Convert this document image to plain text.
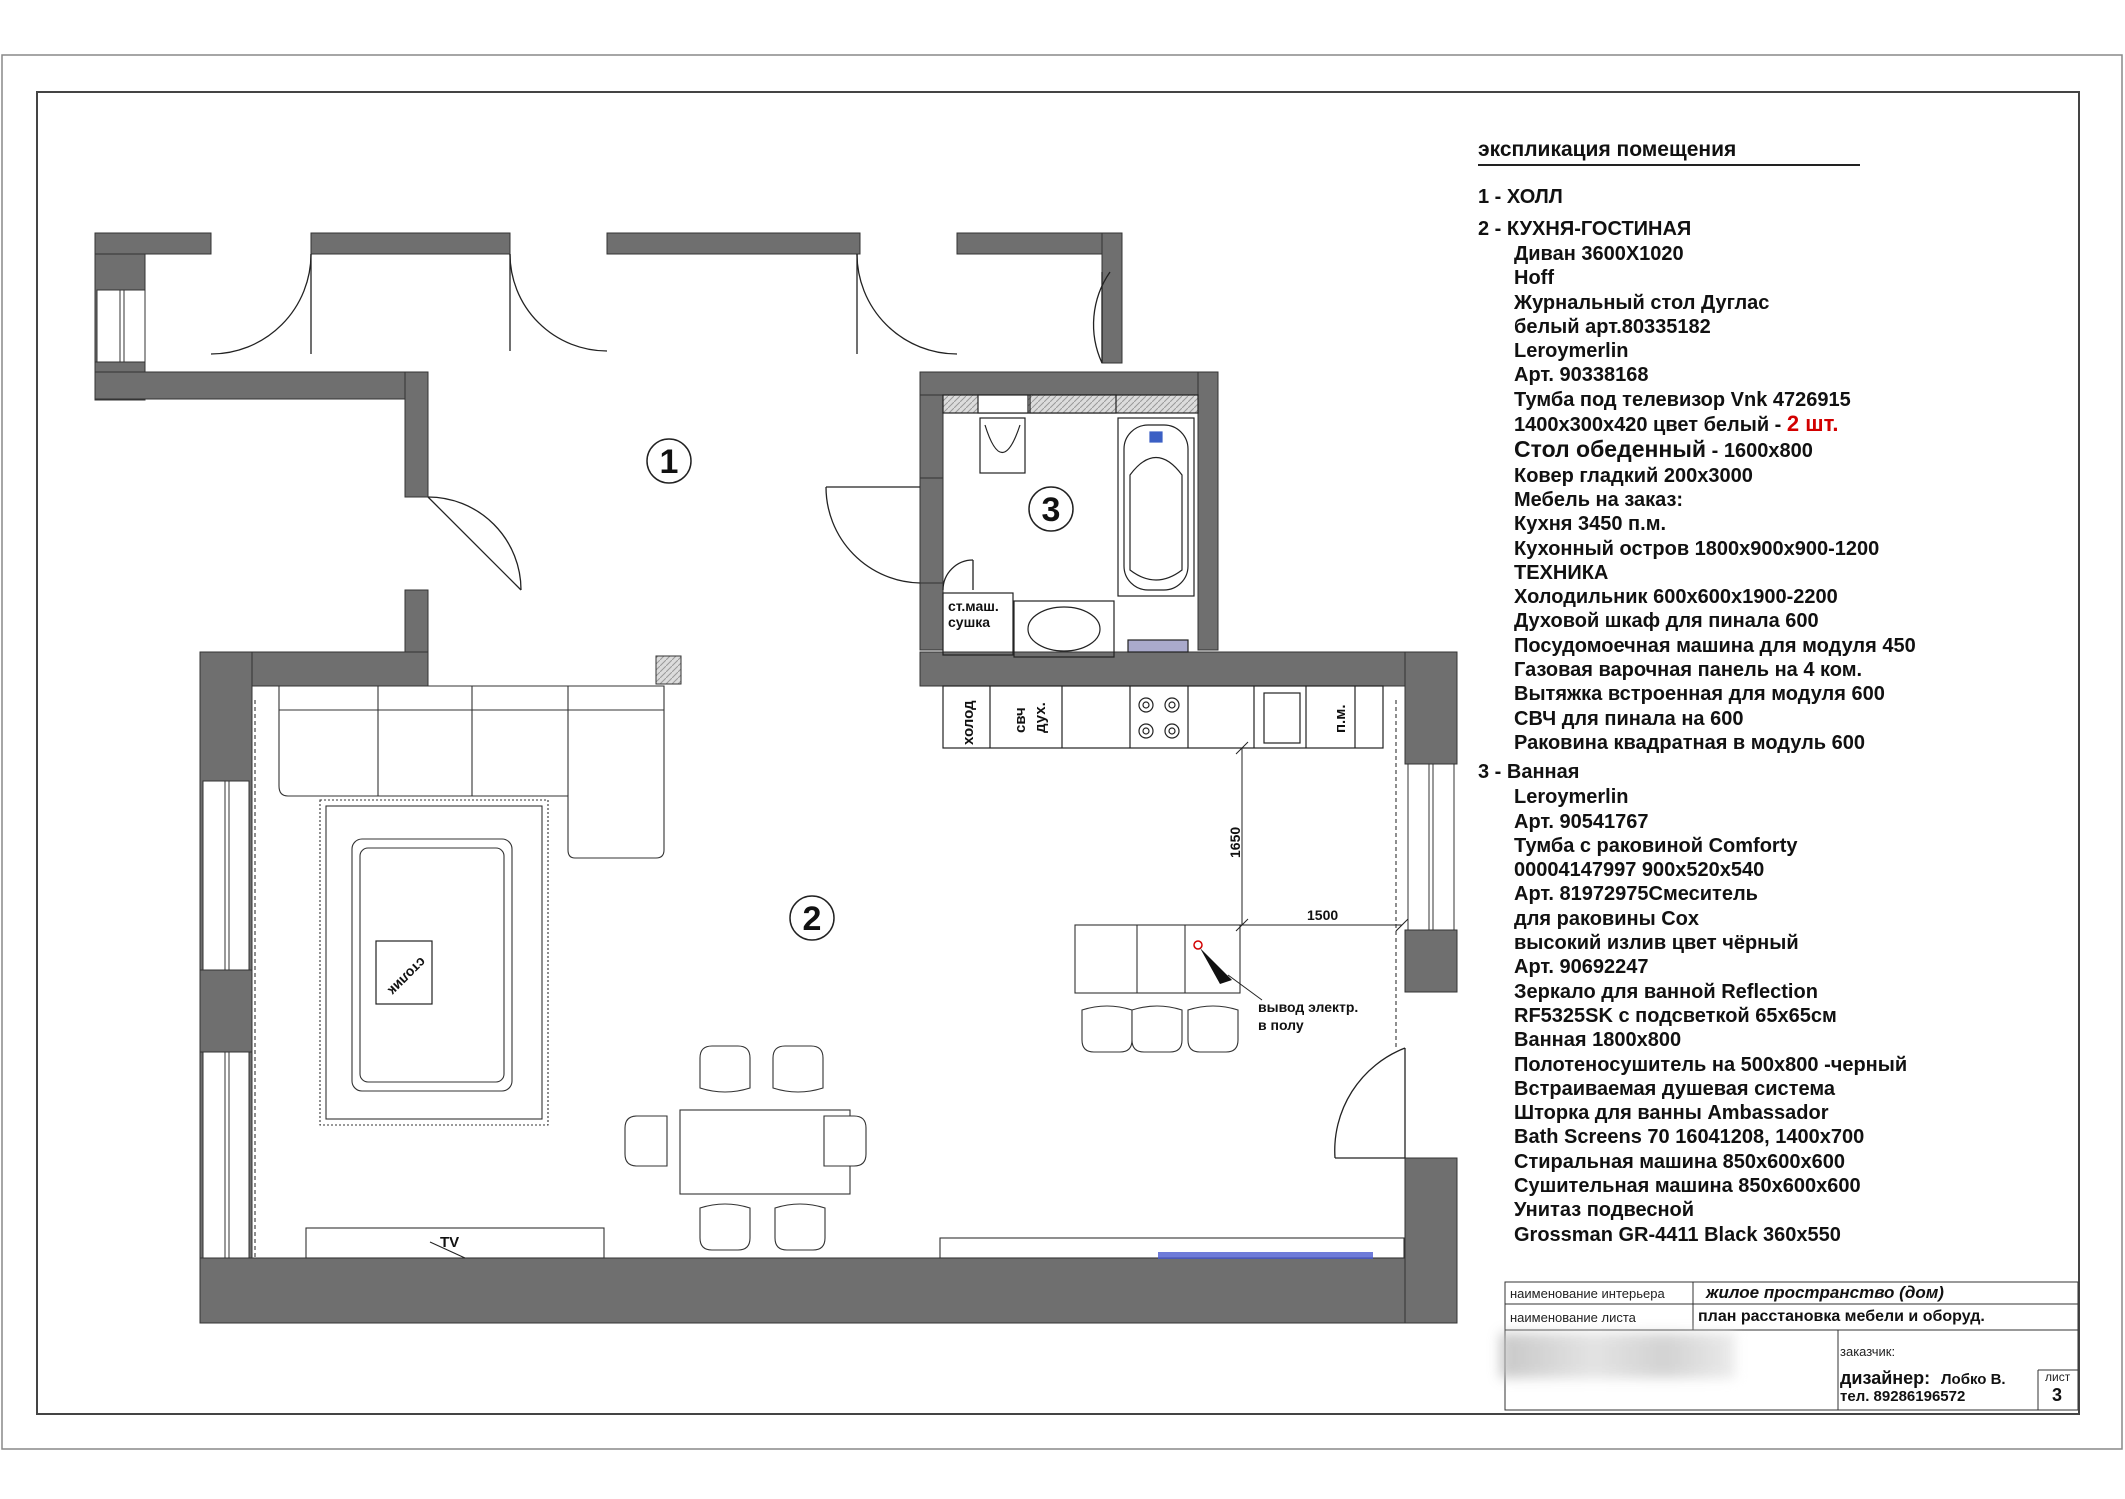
ст.маш.
сушка
холод свч дух.	п.м.
столик
TV
вывод электр.
в полу
1650
1500
1
2
3
экспликация помещения
1 - ХОЛЛ
2 - КУХНЯ-ГОСТИНАЯ
Диван 3600Х1020
Hoff
Журнальный стол Дуглас
белый арт.80335182
Leroymerlin
Арт. 90338168
Тумба под телевизор Vnk 4726915
1400х300х420 цвет белый - 2 шт.
Стол обеденный - 1600х800
Ковер гладкий 200х3000
Мебель на заказ:
Кухня 3450 п.м.
Кухонный остров 1800х900х900-1200
ТЕХНИКА
Холодильник 600х600х1900-2200
Духовой шкаф для пинала 600
Посудомоечная машина для модуля 450
Газовая варочная панель на 4 ком.
Вытяжка встроенная для модуля 600
СВЧ для пинала на 600
Раковина квадратная в модуль 600
3 - Ванная
Leroymerlin
Арт. 90541767
Тумба с раковиной Comforty
00004147997 900х520х540
Арт. 81972975Смеситель
для раковины Cox
высокий излив цвет чёрный
Арт. 90692247
Зеркало для ванной Reflection
RF5325SK с подсветкой 65х65см
Ванная 1800х800
Полотеносушитель на 500х800 -черный
Встраиваемая душевая система
Шторка для ванны Ambassador
Bath Screens 70 16041208, 1400х700
Стиральная машина 850х600х600
Сушительная машина 850х600х600
Унитаз подвесной
Grossman GR-4411 Black 360х550
наименование интерьера жилое пространство (дом)
наименование листа	план расстановка мебели и оборуд.
заказчик:
дизайнер: Лобко В.
тел. 89286196572
лист
3
